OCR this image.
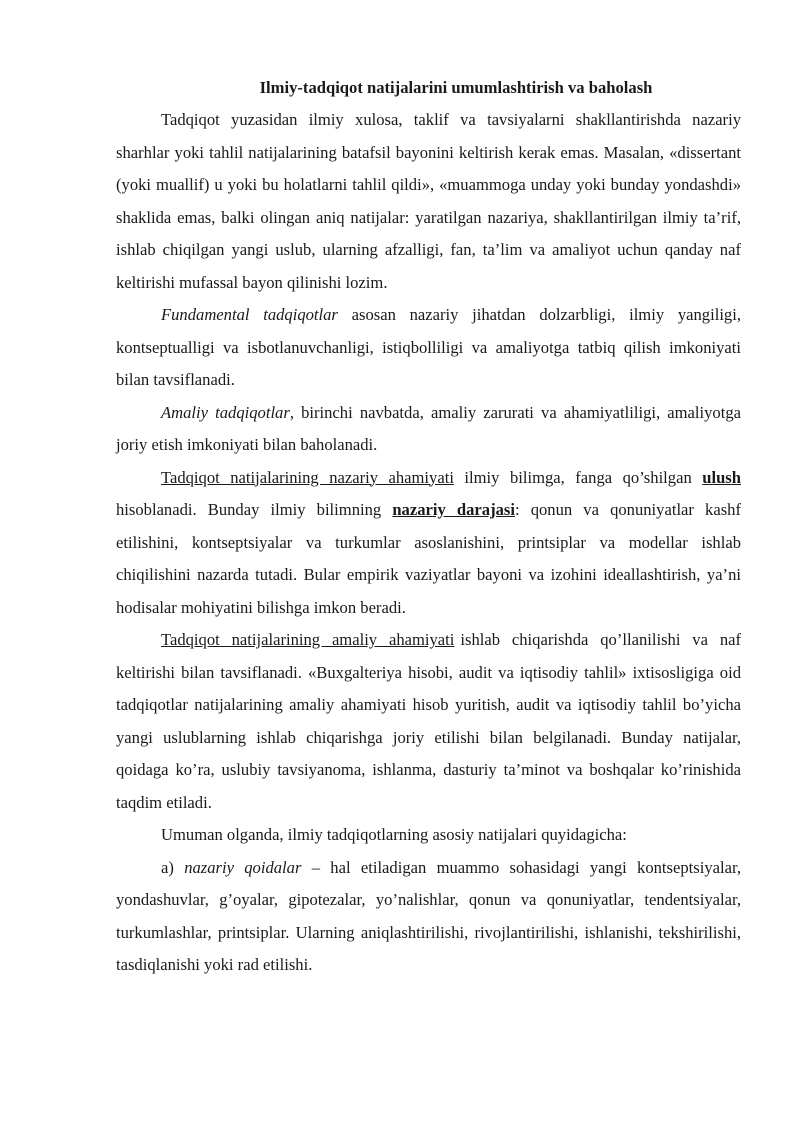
Ilmiy-tadqiqot natijalarini umumlashtirish va baholash

Tadqiqot yuzasidan ilmiy xulosa, taklif va tavsiyalarni shakllantirishda nazariy sharhlar yoki tahlil natijalarining batafsil bayonini keltirish kerak emas. Masalan, «dissertant (yoki muallif) u yoki bu holatlarni tahlil qildi», «muammoga unday yoki bunday yondashdi» shaklida emas, balki olingan aniq natijalar: yaratilgan nazariya, shakllantirilgan ilmiy ta’rif, ishlab chiqilgan yangi uslub, ularning afzalligi, fan, ta’lim va amaliyot uchun qanday naf keltirishi mufassal bayon qilinishi lozim.

Fundamental tadqiqotlar asosan nazariy jihatdan dolzarbligi, ilmiy yangiligi, kontseptualligi va isbotlanuvchanligi, istiqbolliligi va amaliyotga tatbiq qilish imkoniyati bilan tavsiflanadi.

Amaliy tadqiqotlar, birinchi navbatda, amaliy zarurati va ahamiyatliligi, amaliyotga joriy etish imkoniyati bilan baholanadi.

Tadqiqot natijalarining nazariy ahamiyati ilmiy bilimga, fanga qo’shilgan ulush hisoblanadi. Bunday ilmiy bilimning nazariy darajasi: qonun va qonuniyatlar kashf etilishini, kontseptsiyalar va turkumlar asoslanishini, printsiplar va modellar ishlab chiqilishini nazarda tutadi. Bular empirik vaziyatlar bayoni va izohini ideallashtirish, ya’ni hodisalar mohiyatini bilishga imkon beradi.

Tadqiqot natijalarining amaliy ahamiyati ishlab chiqarishda qo’llanilishi va naf keltirishi bilan tavsiflanadi. «Buxgalteriya hisobi, audit va iqtisodiy tahlil» ixtisosligiga oid tadqiqotlar natijalarining amaliy ahamiyati hisob yuritish, audit va iqtisodiy tahlil bo’yicha yangi uslublarning ishlab chiqarishga joriy etilishi bilan belgilanadi. Bunday natijalar, qoidaga ko’ra, uslubiy tavsiyanoma, ishlanma, dasturiy ta’minot va boshqalar ko’rinishida taqdim etiladi.

Umuman olganda, ilmiy tadqiqotlarning asosiy natijalari quyidagicha:

a) nazariy qoidalar – hal etiladigan muammo sohasidagi yangi kontseptsiyalar, yondashuvlar, g’oyalar, gipotezalar, yo’nalishlar, qonun va qonuniyatlar, tendentsiyalar, turkumlashlar, printsiplar. Ularning aniqlashtirilishi, rivojlantirilishi, ishlanishi, tekshirilishi, tasdiqlanishi yoki rad etilishi.
